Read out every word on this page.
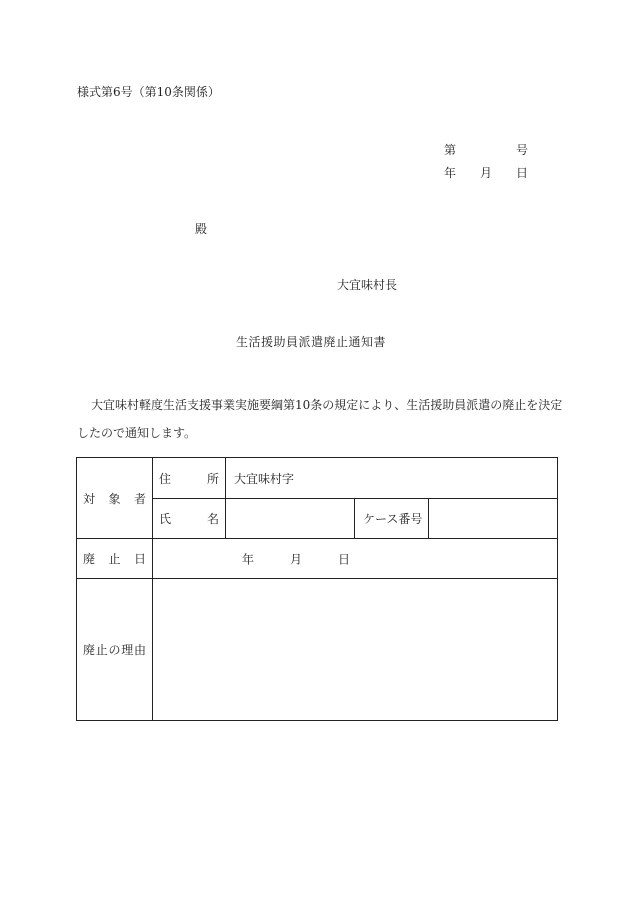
様式第6号（第10条関係）
第	号
年 月 日
殿
大宜味村長
生活援助員派遣廃止通知書
大宜味村軽度生活支援事業実施要綱第10条の規定により、生活援助員派遣の廃止を決定
したので通知します。
対 象 者	住 所	大宜味村字		

	氏 名		ケース番号	

廃 止 日	年 月 日			

廃 止 の 理 由				
